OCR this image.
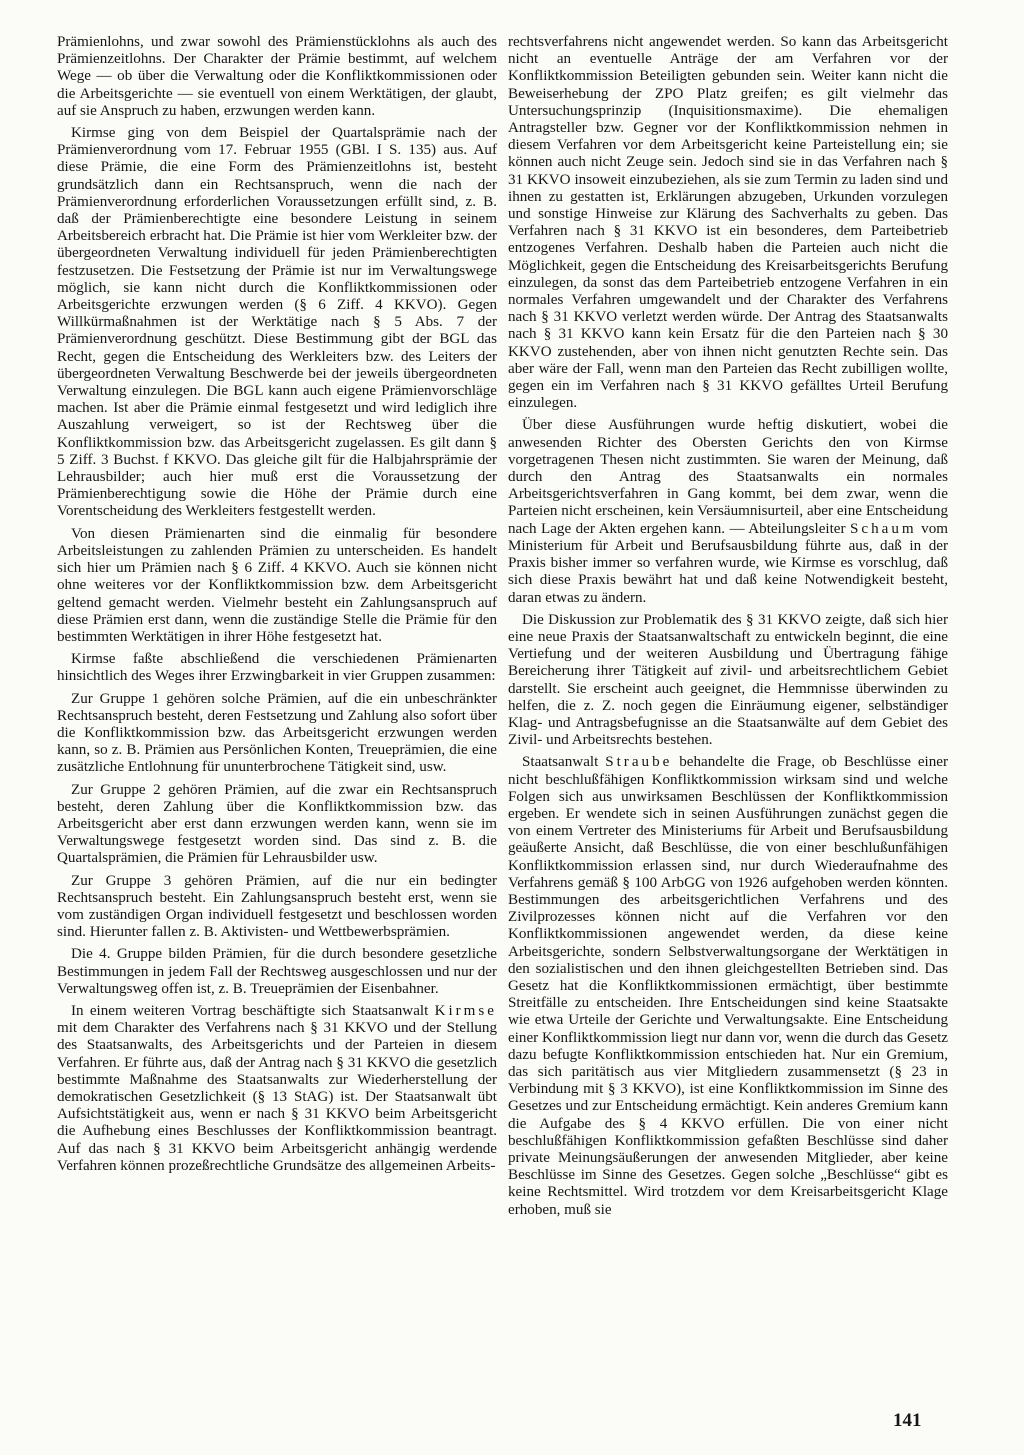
Prämienlohns, und zwar sowohl des Prämienstücklohns als auch des Prämienzeitlohns. Der Charakter der Prämie bestimmt, auf welchem Wege — ob über die Verwaltung oder die Konfliktkommissionen oder die Arbeitsgerichte — sie eventuell von einem Werktätigen, der glaubt, auf sie Anspruch zu haben, erzwungen werden kann.

Kirmse ging von dem Beispiel der Quartalsprämie nach der Prämienverordnung vom 17. Februar 1955 (GBl. I S. 135) aus. Auf diese Prämie, die eine Form des Prämienzeitlohns ist, besteht grundsätzlich dann ein Rechtsanspruch, wenn die nach der Prämienverordnung erforderlichen Voraussetzungen erfüllt sind, z. B. daß der Prämienberechtigte eine besondere Leistung in seinem Arbeitsbereich erbracht hat. Die Prämie ist hier vom Werkleiter bzw. der übergeordneten Verwaltung individuell für jeden Prämienberechtigten festzusetzen. Die Festsetzung der Prämie ist nur im Verwaltungswege möglich, sie kann nicht durch die Konfliktkommissionen oder Arbeitsgerichte erzwungen werden (§ 6 Ziff. 4 KKVO). Gegen Willkürmaßnahmen ist der Werktätige nach § 5 Abs. 7 der Prämienverordnung geschützt. Diese Bestimmung gibt der BGL das Recht, gegen die Entscheidung des Werkleiters bzw. des Leiters der übergeordneten Verwaltung Beschwerde bei der jeweils übergeordneten Verwaltung einzulegen. Die BGL kann auch eigene Prämienvorschläge machen. Ist aber die Prämie einmal festgesetzt und wird lediglich ihre Auszahlung verweigert, so ist der Rechtsweg über die Konfliktkommission bzw. das Arbeitsgericht zugelassen. Es gilt dann § 5 Ziff. 3 Buchst. f KKVO. Das gleiche gilt für die Halbjahrsprämie der Lehrausbilder; auch hier muß erst die Voraussetzung der Prämienberechtigung sowie die Höhe der Prämie durch eine Vorentscheidung des Werkleiters festgestellt werden.

Von diesen Prämienarten sind die einmalig für besondere Arbeitsleistungen zu zahlenden Prämien zu unterscheiden. Es handelt sich hier um Prämien nach § 6 Ziff. 4 KKVO. Auch sie können nicht ohne weiteres vor der Konfliktkommission bzw. dem Arbeitsgericht geltend gemacht werden. Vielmehr besteht ein Zahlungsanspruch auf diese Prämien erst dann, wenn die zuständige Stelle die Prämie für den bestimmten Werktätigen in ihrer Höhe festgesetzt hat.

Kirmse faßte abschließend die verschiedenen Prämienarten hinsichtlich des Weges ihrer Erzwingbarkeit in vier Gruppen zusammen:

Zur Gruppe 1 gehören solche Prämien, auf die ein unbeschränkter Rechtsanspruch besteht, deren Festsetzung und Zahlung also sofort über die Konfliktkommission bzw. das Arbeitsgericht erzwungen werden kann, so z. B. Prämien aus Persönlichen Konten, Treueprämien, die eine zusätzliche Entlohnung für ununterbrochene Tätigkeit sind, usw.

Zur Gruppe 2 gehören Prämien, auf die zwar ein Rechtsanspruch besteht, deren Zahlung über die Konfliktkommission bzw. das Arbeitsgericht aber erst dann erzwungen werden kann, wenn sie im Verwaltungswege festgesetzt worden sind. Das sind z. B. die Quartalsprämien, die Prämien für Lehrausbilder usw.

Zur Gruppe 3 gehören Prämien, auf die nur ein bedingter Rechtsanspruch besteht. Ein Zahlungsanspruch besteht erst, wenn sie vom zuständigen Organ individuell festgesetzt und beschlossen worden sind. Hierunter fallen z. B. Aktivisten- und Wettbewerbsprämien.

Die 4. Gruppe bilden Prämien, für die durch besondere gesetzliche Bestimmungen in jedem Fall der Rechtsweg ausgeschlossen und nur der Verwaltungsweg offen ist, z. B. Treueprämien der Eisenbahner.

In einem weiteren Vortrag beschäftigte sich Staatsanwalt Kirmse mit dem Charakter des Verfahrens nach § 31 KKVO und der Stellung des Staatsanwalts, des Arbeitsgerichts und der Parteien in diesem Verfahren. Er führte aus, daß der Antrag nach § 31 KKVO die gesetzlich bestimmte Maßnahme des Staatsanwalts zur Wiederherstellung der demokratischen Gesetzlichkeit (§ 13 StAG) ist. Der Staatsanwalt übt Aufsichtstätigkeit aus, wenn er nach § 31 KKVO beim Arbeitsgericht die Aufhebung eines Beschlusses der Konfliktkommission beantragt. Auf das nach § 31 KKVO beim Arbeitsgericht anhängig werdende Verfahren können prozeßrechtliche Grundsätze des allgemeinen Arbeits-

rechtsverfahrens nicht angewendet werden. So kann das Arbeitsgericht nicht an eventuelle Anträge der am Verfahren vor der Konfliktkommission Beteiligten gebunden sein. Weiter kann nicht die Beweiserhebung der ZPO Platz greifen; es gilt vielmehr das Untersuchungsprinzip (Inquisitionsmaxime). Die ehemaligen Antragsteller bzw. Gegner vor der Konfliktkommission nehmen in diesem Verfahren vor dem Arbeitsgericht keine Parteistellung ein; sie können auch nicht Zeuge sein. Jedoch sind sie in das Verfahren nach § 31 KKVO insoweit einzubeziehen, als sie zum Termin zu laden sind und ihnen zu gestatten ist, Erklärungen abzugeben, Urkunden vorzulegen und sonstige Hinweise zur Klärung des Sachverhalts zu geben. Das Verfahren nach § 31 KKVO ist ein besonderes, dem Parteibetrieb entzogenes Verfahren. Deshalb haben die Parteien auch nicht die Möglichkeit, gegen die Entscheidung des Kreisarbeitsgerichts Berufung einzulegen, da sonst das dem Parteibetrieb entzogene Verfahren in ein normales Verfahren umgewandelt und der Charakter des Verfahrens nach § 31 KKVO verletzt werden würde. Der Antrag des Staatsanwalts nach § 31 KKVO kann kein Ersatz für die den Parteien nach § 30 KKVO zustehenden, aber von ihnen nicht genutzten Rechte sein. Das aber wäre der Fall, wenn man den Parteien das Recht zubilligen wollte, gegen ein im Verfahren nach § 31 KKVO gefälltes Urteil Berufung einzulegen.

Über diese Ausführungen wurde heftig diskutiert, wobei die anwesenden Richter des Obersten Gerichts den von Kirmse vorgetragenen Thesen nicht zustimmten. Sie waren der Meinung, daß durch den Antrag des Staatsanwalts ein normales Arbeitsgerichtsverfahren in Gang kommt, bei dem zwar, wenn die Parteien nicht erscheinen, kein Versäumnisurteil, aber eine Entscheidung nach Lage der Akten ergehen kann. — Abteilungsleiter Schaum vom Ministerium für Arbeit und Berufsausbildung führte aus, daß in der Praxis bisher immer so verfahren wurde, wie Kirmse es vorschlug, daß sich diese Praxis bewährt hat und daß keine Notwendigkeit besteht, daran etwas zu ändern.

Die Diskussion zur Problematik des § 31 KKVO zeigte, daß sich hier eine neue Praxis der Staatsanwaltschaft zu entwickeln beginnt, die eine Vertiefung und der weiteren Ausbildung und Übertragung fähige Bereicherung ihrer Tätigkeit auf zivil- und arbeitsrechtlichem Gebiet darstellt. Sie erscheint auch geeignet, die Hemmnisse überwinden zu helfen, die z. Z. noch gegen die Einräumung eigener, selbständiger Klag- und Antragsbefugnisse an die Staatsanwälte auf dem Gebiet des Zivil- und Arbeitsrechts bestehen.

Staatsanwalt Straube behandelte die Frage, ob Beschlüsse einer nicht beschlußfähigen Konfliktkommission wirksam sind und welche Folgen sich aus unwirksamen Beschlüssen der Konfliktkommission ergeben. Er wendete sich in seinen Ausführungen zunächst gegen die von einem Vertreter des Ministeriums für Arbeit und Berufsausbildung geäußerte Ansicht, daß Beschlüsse, die von einer beschlußunfähigen Konfliktkommission erlassen sind, nur durch Wiederaufnahme des Verfahrens gemäß § 100 ArbGG von 1926 aufgehoben werden könnten. Bestimmungen des arbeitsgerichtlichen Verfahrens und des Zivilprozesses können nicht auf die Verfahren vor den Konfliktkommissionen angewendet werden, da diese keine Arbeitsgerichte, sondern Selbstverwaltungsorgane der Werktätigen in den sozialistischen und den ihnen gleichgestellten Betrieben sind. Das Gesetz hat die Konfliktkommissionen ermächtigt, über bestimmte Streitfälle zu entscheiden. Ihre Entscheidungen sind keine Staatsakte wie etwa Urteile der Gerichte und Verwaltungsakte. Eine Entscheidung einer Konfliktkommission liegt nur dann vor, wenn die durch das Gesetz dazu befugte Konfliktkommission entschieden hat. Nur ein Gremium, das sich paritätisch aus vier Mitgliedern zusammensetzt (§ 23 in Verbindung mit § 3 KKVO), ist eine Konfliktkommission im Sinne des Gesetzes und zur Entscheidung ermächtigt. Kein anderes Gremium kann die Aufgabe des § 4 KKVO erfüllen. Die von einer nicht beschlußfähigen Konfliktkommission gefaßten Beschlüsse sind daher private Meinungsäußerungen der anwesenden Mitglieder, aber keine Beschlüsse im Sinne des Gesetzes. Gegen solche „Beschlüsse“ gibt es keine Rechtsmittel. Wird trotzdem vor dem Kreisarbeitsgericht Klage erhoben, muß sie

141
